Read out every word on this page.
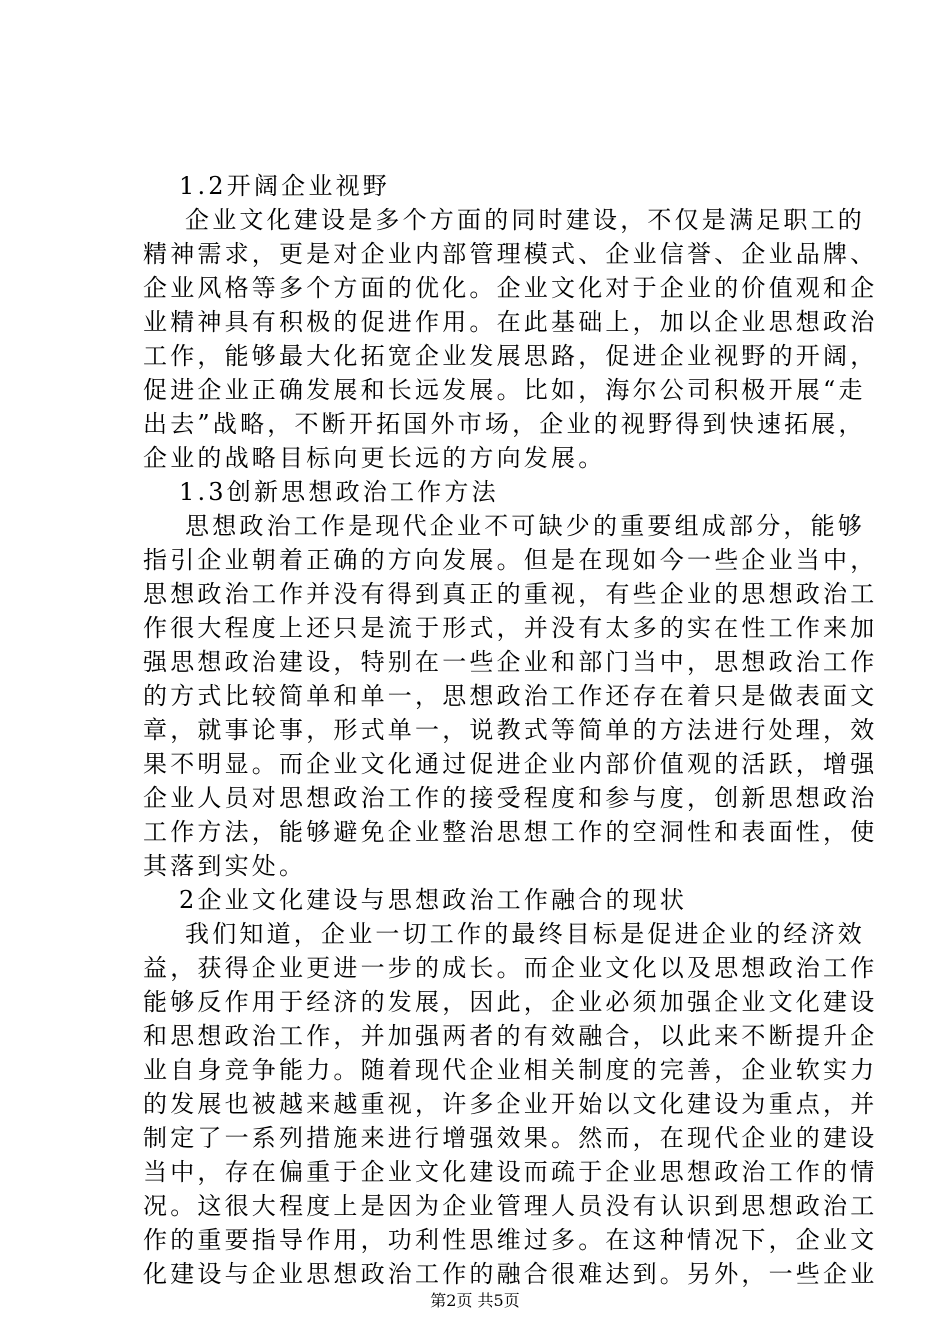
1.2开阔企业视野
企业文化建设是多个方面的同时建设，不仅是满足职工的
精神需求，更是对企业内部管理模式、企业信誉、企业品牌、
企业风格等多个方面的优化。企业文化对于企业的价值观和企
业精神具有积极的促进作用。在此基础上，加以企业思想政治
工作，能够最大化拓宽企业发展思路，促进企业视野的开阔，
促进企业正确发展和长远发展。比如，海尔公司积极开展“走
出去”战略，不断开拓国外市场，企业的视野得到快速拓展，
企业的战略目标向更长远的方向发展。
1.3创新思想政治工作方法
思想政治工作是现代企业不可缺少的重要组成部分，能够
指引企业朝着正确的方向发展。但是在现如今一些企业当中，
思想政治工作并没有得到真正的重视，有些企业的思想政治工
作很大程度上还只是流于形式，并没有太多的实在性工作来加
强思想政治建设，特别在一些企业和部门当中，思想政治工作
的方式比较简单和单一，思想政治工作还存在着只是做表面文
章，就事论事，形式单一，说教式等简单的方法进行处理，效
果不明显。而企业文化通过促进企业内部价值观的活跃，增强
企业人员对思想政治工作的接受程度和参与度，创新思想政治
工作方法，能够避免企业整治思想工作的空洞性和表面性，使
其落到实处。
2企业文化建设与思想政治工作融合的现状
我们知道，企业一切工作的最终目标是促进企业的经济效
益，获得企业更进一步的成长。而企业文化以及思想政治工作
能够反作用于经济的发展，因此，企业必须加强企业文化建设
和思想政治工作，并加强两者的有效融合，以此来不断提升企
业自身竞争能力。随着现代企业相关制度的完善，企业软实力
的发展也被越来越重视，许多企业开始以文化建设为重点，并
制定了一系列措施来进行增强效果。然而，在现代企业的建设
当中，存在偏重于企业文化建设而疏于企业思想政治工作的情
况。这很大程度上是因为企业管理人员没有认识到思想政治工
作的重要指导作用，功利性思维过多。在这种情况下，企业文
化建设与企业思想政治工作的融合很难达到。另外，一些企业
第2页 共5页
